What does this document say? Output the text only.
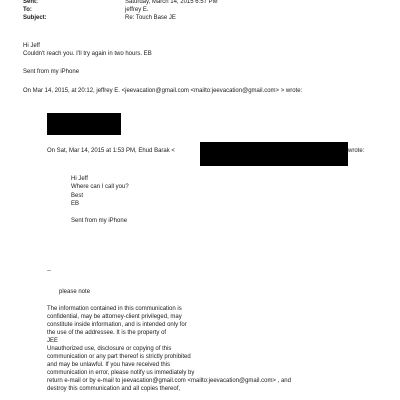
Sent:	Saturday, March 14, 2015 6:57 PM
To:	jeffrey E.
Subject:	Re: Touch Base JE
Hi Jeff
Couldn't reach you. I'll try again in two hours. EB
Sent from my iPhone
On Mar 14, 2015, at 20:12, jeffrey E. <jeevacation@gmail.com <mailto:jeevacation@gmail.com> > wrote:
On Sat, Mar 14, 2015 at 1:53 PM, Ehud Barak <	wrote:
Hi Jeff
Where can I call you?
Best
EB
Sent from my iPhone
--
please note
The information contained in this communication is
confidential, may be attorney-client privileged, may
constitute inside information, and is intended only for
the use of the addressee. It is the property of
JEE
Unauthorized use, disclosure or copying of this
communication or any part thereof is strictly prohibited
and may be unlawful. If you have received this
communication in error, please notify us immediately by
return e-mail or by e-mail to jeevacation@gmail.com <mailto:jeevacation@gmail.com> , and
destroy this communication and all copies thereof,
